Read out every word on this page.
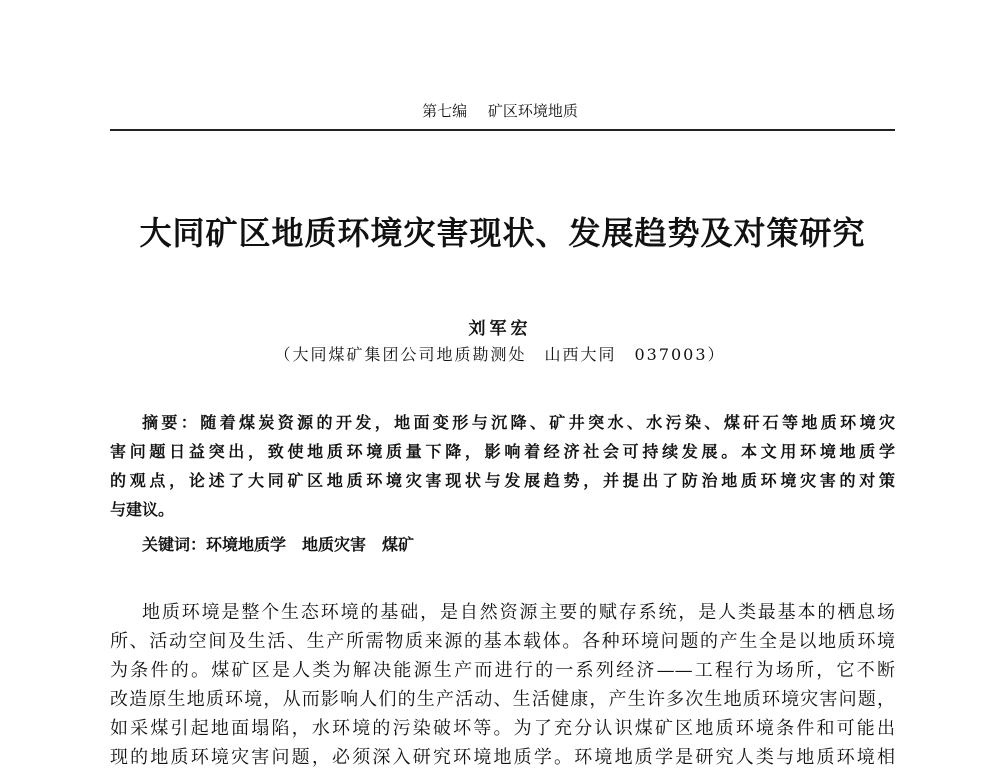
第七编 矿区环境地质
大同矿区地质环境灾害现状、发展趋势及对策研究
刘军宏
（大同煤矿集团公司地质勘测处　山西大同　037003）
摘要：随着煤炭资源的开发，地面变形与沉降、矿井突水、水污染、煤矸石等地质环境灾
害问题日益突出，致使地质环境质量下降，影响着经济社会可持续发展。本文用环境地质学
的观点，论述了大同矿区地质环境灾害现状与发展趋势，并提出了防治地质环境灾害的对策
与建议。
关键词：环境地质学　地质灾害　煤矿
地质环境是整个生态环境的基础，是自然资源主要的赋存系统，是人类最基本的栖息场
所、活动空间及生活、生产所需物质来源的基本载体。各种环境问题的产生全是以地质环境
为条件的。煤矿区是人类为解决能源生产而进行的一系列经济——工程行为场所，它不断
改造原生地质环境，从而影响人们的生产活动、生活健康，产生许多次生地质环境灾害问题，
如采煤引起地面塌陷，水环境的污染破坏等。为了充分认识煤矿区地质环境条件和可能出
现的地质环境灾害问题，必须深入研究环境地质学。环境地质学是研究人类与地质环境相
